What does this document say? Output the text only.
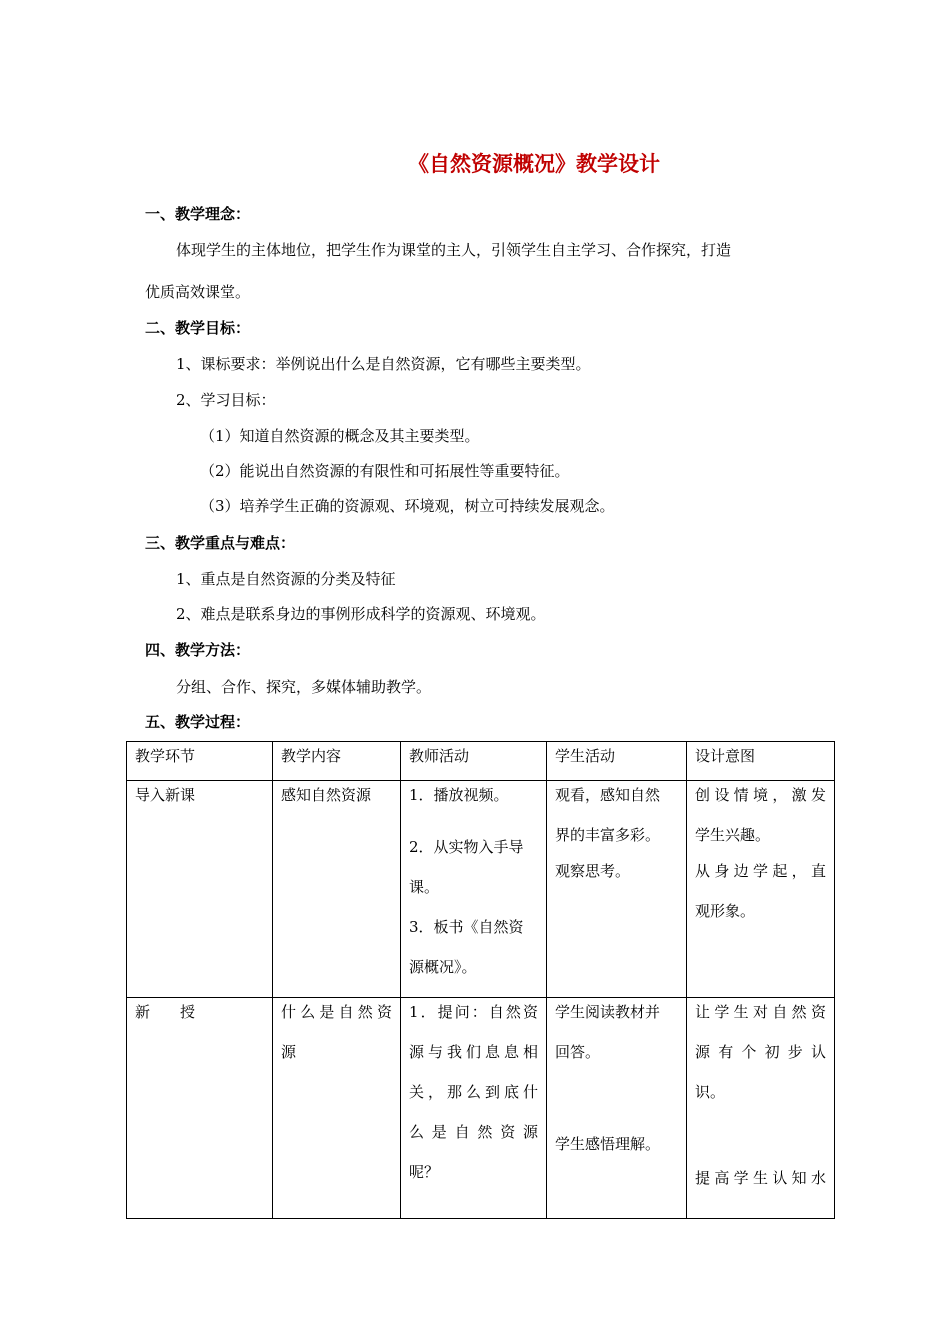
《自然资源概况》教学设计
一、教学理念：
体现学生的主体地位，把学生作为课堂的主人，引领学生自主学习、合作探究，打造
优质高效课堂。
二、教学目标：
1、课标要求：举例说出什么是自然资源，它有哪些主要类型。
2、学习目标：
（1）知道自然资源的概念及其主要类型。
（2）能说出自然资源的有限性和可拓展性等重要特征。
（3）培养学生正确的资源观、环境观，树立可持续发展观念。
三、教学重点与难点：
1、重点是自然资源的分类及特征
2、难点是联系身边的事例形成科学的资源观、环境观。
四、教学方法：
分组、合作、探究，多媒体辅助教学。
五、教学过程：
教学环节	教学内容	教师活动	学生活动	设计意图
导入新课	感知自然资源	1．播放视频。
2．从实物入手导
课。
3．板书《自然资
源概况》。	观看，感知自然
界的丰富多彩。
观察思考。	创设情境，激发
学生兴趣。
从身边学起，直
观形象。

新　　授	什么是自然资
源	1．提问：自然资
源与我们息息相
关，那么到底什
么是自然资源
呢？	学生阅读教材并
回答。
学生感悟理解。	让学生对自然资
源有个初步认
识。
提高学生认知水
